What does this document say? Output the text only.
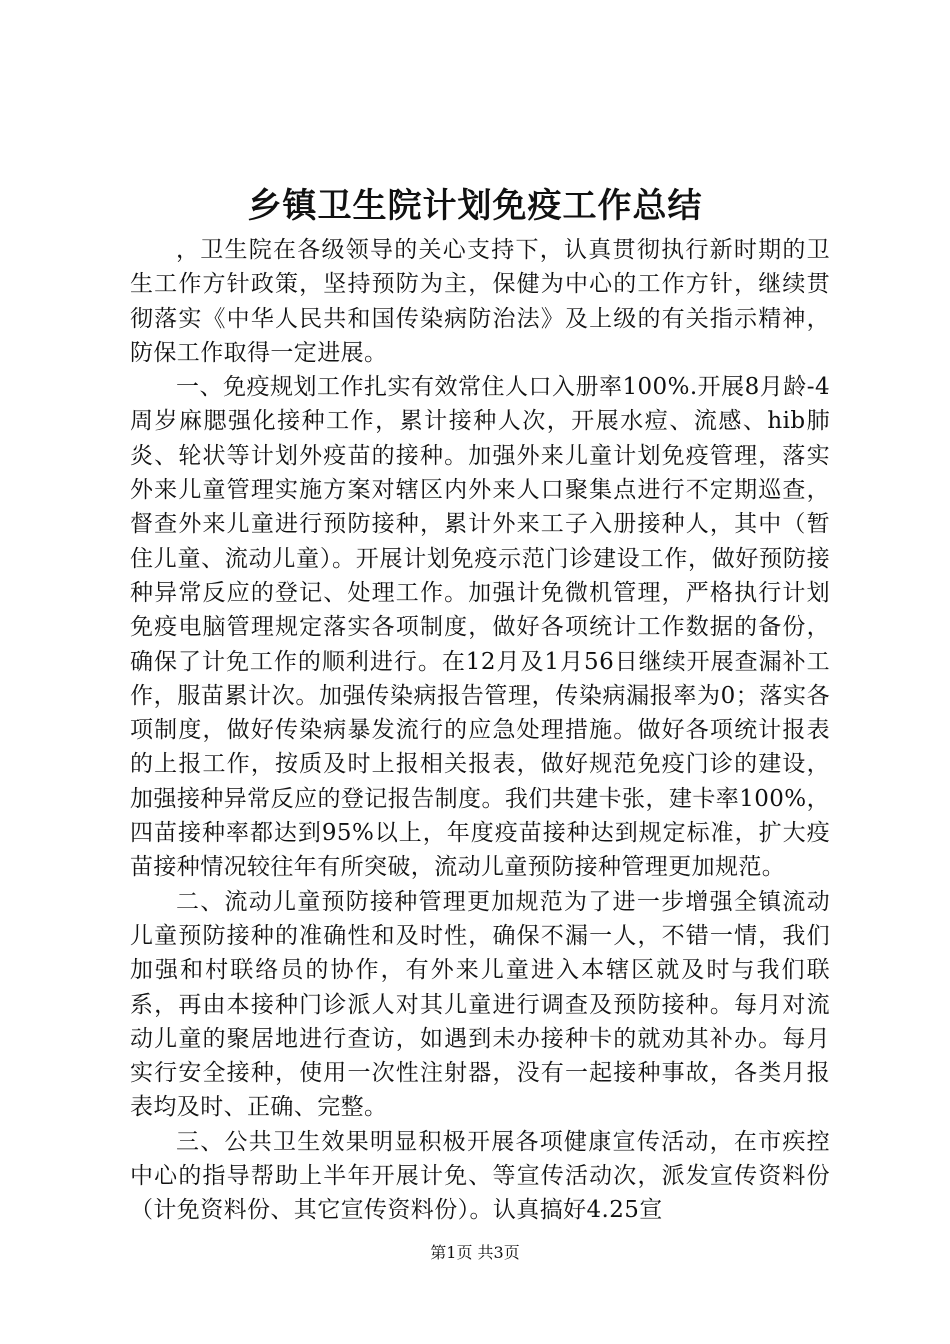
乡镇卫生院计划免疫工作总结

，卫生院在各级领导的关心支持下，认真贯彻执行新时期的卫生工作方针政策，坚持预防为主，保健为中心的工作方针，继续贯彻落实《中华人民共和国传染病防治法》及上级的有关指示精神，防保工作取得一定进展。

一、免疫规划工作扎实有效常住人口入册率100%.开展8月龄-4周岁麻腮强化接种工作，累计接种人次，开展水痘、流感、hib肺炎、轮状等计划外疫苗的接种。加强外来儿童计划免疫管理，落实外来儿童管理实施方案对辖区内外来人口聚集点进行不定期巡查，督查外来儿童进行预防接种，累计外来工子入册接种人，其中（暂住儿童、流动儿童）。开展计划免疫示范门诊建设工作，做好预防接种异常反应的登记、处理工作。加强计免微机管理，严格执行计划免疫电脑管理规定落实各项制度，做好各项统计工作数据的备份，确保了计免工作的顺利进行。在12月及1月56日继续开展查漏补工作，服苗累计次。加强传染病报告管理，传染病漏报率为0；落实各项制度，做好传染病暴发流行的应急处理措施。做好各项统计报表的上报工作，按质及时上报相关报表，做好规范免疫门诊的建设，加强接种异常反应的登记报告制度。我们共建卡张，建卡率100%，四苗接种率都达到95%以上，年度疫苗接种达到规定标准，扩大疫苗接种情况较往年有所突破，流动儿童预防接种管理更加规范。

二、流动儿童预防接种管理更加规范为了进一步增强全镇流动儿童预防接种的准确性和及时性，确保不漏一人，不错一情，我们加强和村联络员的协作，有外来儿童进入本辖区就及时与我们联系，再由本接种门诊派人对其儿童进行调查及预防接种。每月对流动儿童的聚居地进行查访，如遇到未办接种卡的就劝其补办。每月实行安全接种，使用一次性注射器，没有一起接种事故，各类月报表均及时、正确、完整。

三、公共卫生效果明显积极开展各项健康宣传活动，在市疾控中心的指导帮助上半年开展计免、等宣传活动次，派发宣传资料份（计免资料份、其它宣传资料份）。认真搞好4.25宣

第1页 共3页
